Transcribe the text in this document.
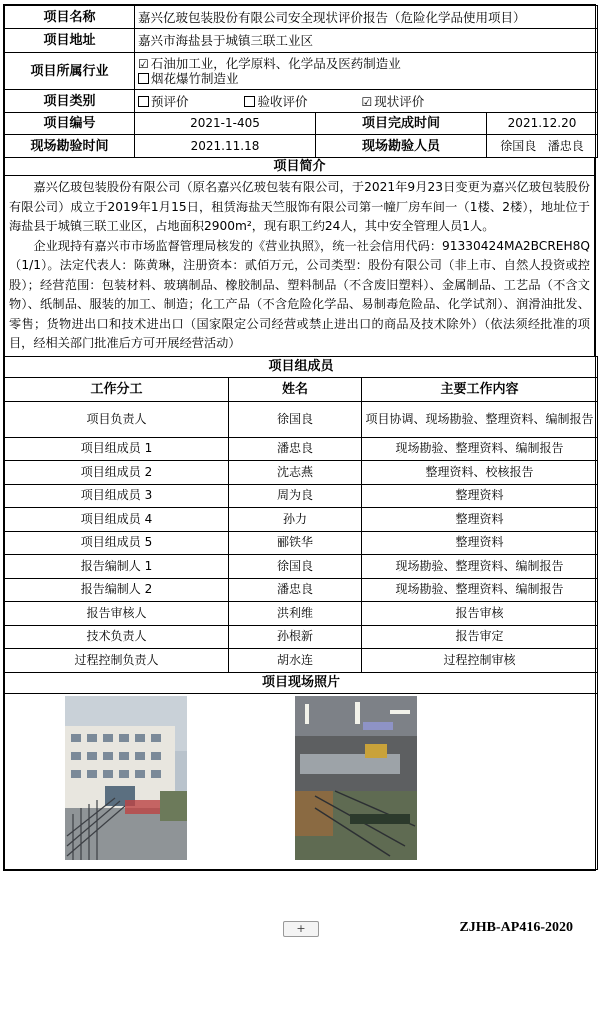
项目名称	嘉兴亿玻包装股份有限公司安全现状评价报告（危险化学品使用项目）		
项目地址	嘉兴市海盐县于城镇三联工业区		
项目所属行业	☑ 石油加工业，化学原料、化学品及医药制造业
烟花爆竹制造业		

项目类别	预评价 验收评价 ☑ 现状评价		
项目编号	2021-1-405	项目完成时间	2021.12.20
现场勘验时间	2021.11.18	现场勘验人员	徐国良   潘忠良
项目简介

嘉兴亿玻包装股份有限公司（原名嘉兴亿玻包装有限公司，于2021年9月23日变更为嘉兴亿玻包装股份有限公司）成立于2019年1月15日，租赁海盐天竺服饰有限公司第一幢厂房车间一（1楼、2楼），地址位于海盐县于城镇三联工业区，占地面积2900m²，现有职工约24人，其中安全管理人员1人。

企业现持有嘉兴市市场监督管理局核发的《营业执照》，统一社会信用代码：91330424MA2BCREH8Q（1/1）。法定代表人：陈黄琳，注册资本：贰佰万元，公司类型：股份有限公司（非上市、自然人投资或控股）；经营范围：包装材料、玻璃制品、橡胶制品、塑料制品（不含废旧塑料）、金属制品、工艺品（不含文物）、纸制品、服装的加工、制造；化工产品（不含危险化学品、易制毒危险品、化学试剂）、润滑油批发、零售；货物进出口和技术进出口（国家限定公司经营或禁止进出口的商品及技术除外）（依法须经批准的项目，经相关部门批准后方可开展经营活动）

项目组成员		
工作分工	姓名	主要工作内容
项目负责人	徐国良	项目协调、现场勘验、整理资料、编制报告
项目组成员 1	潘忠良	现场勘验、整理资料、编制报告
项目组成员 2	沈志燕	整理资料、校核报告
项目组成员 3	周为良	整理资料
项目组成员 4	孙力	整理资料
项目组成员 5	郦铁华	整理资料
报告编制人 1	徐国良	现场勘验、整理资料、编制报告
报告编制人 2	潘忠良	现场勘验、整理资料、编制报告
报告审核人	洪利维	报告审核
技术负责人	孙根新	报告审定
过程控制负责人	胡水连	过程控制审核
项目现场照片		

+	ZJHB-AP416-2020
